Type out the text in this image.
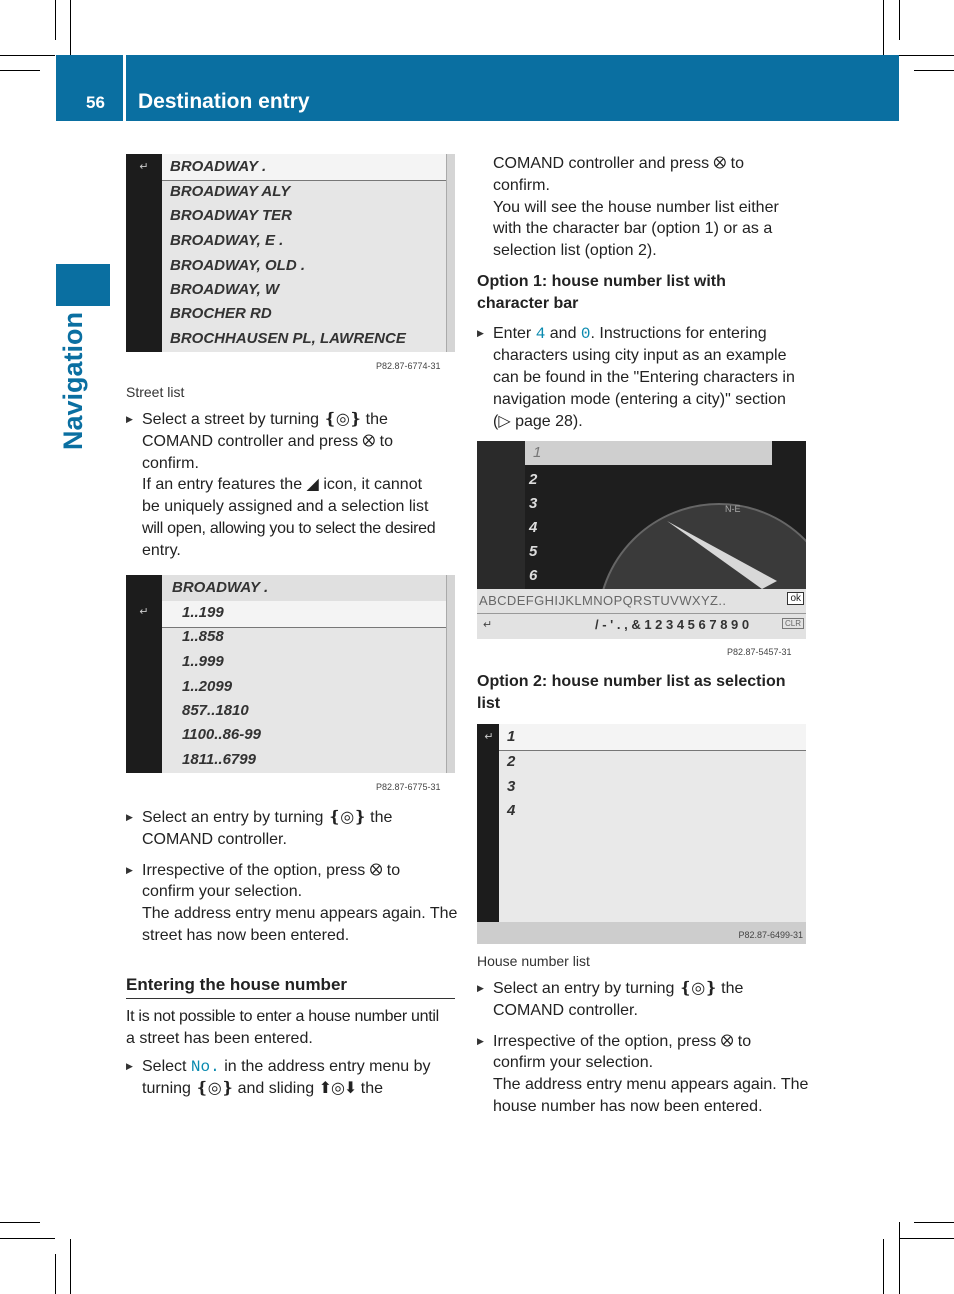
56 Destination entry
Navigation
↵	BROADWAY .
BROADWAY ALY
BROADWAY TER
BROADWAY, E .
BROADWAY, OLD .
BROADWAY, W
BROCHER RD
BROCHHAUSEN PL, LAWRENCE
P82.87-6774-31
Street list

▶ Select a street by turning ❴◎❵ the

COMAND controller and press ⭙ to

confirm.

If an entry features the ◢ icon, it cannot

be uniquely assigned and a selection list

will open, allowing you to select the desired

entry.

↵
BROADWAY .
1..199
1..858
1..999
1..2099
857..1810
1100..86-99
1811..6799
P82.87-6775-31

▶ Select an entry by turning ❴◎❵ the

COMAND controller.

▶ Irrespective of the option, press ⭙ to

confirm your selection.

The address entry menu appears again. The

street has now been entered.

Entering the house number

It is not possible to enter a house number until

a street has been entered.

▶ Select No. in the address entry menu by

turning ❴◎❵ and sliding ⬆◎⬇ the

COMAND controller and press ⭙ to

confirm.

You will see the house number list either

with the character bar (option 1) or as a

selection list (option 2).

Option 1: house number list with

character bar

▶ Enter 4 and 0. Instructions for entering

characters using city input as an example

can be found in the "Entering characters in

navigation mode (entering a city)" section

(▷ page 28).

1
N-E
2
3
4
5
6
ABCDEFGHIJKLMNOPQRSTUVWXYZ..	ok
↵	/ - ' . , & 1 2 3 4 5 6 7 8 9 0	CLR
P82.87-5457-31

Option 2: house number list as selection

list

↵ 1
2
3
4
P82.87-6499-31
House number list

▶ Select an entry by turning ❴◎❵ the

COMAND controller.

▶ Irrespective of the option, press ⭙ to

confirm your selection.

The address entry menu appears again. The

house number has now been entered.
